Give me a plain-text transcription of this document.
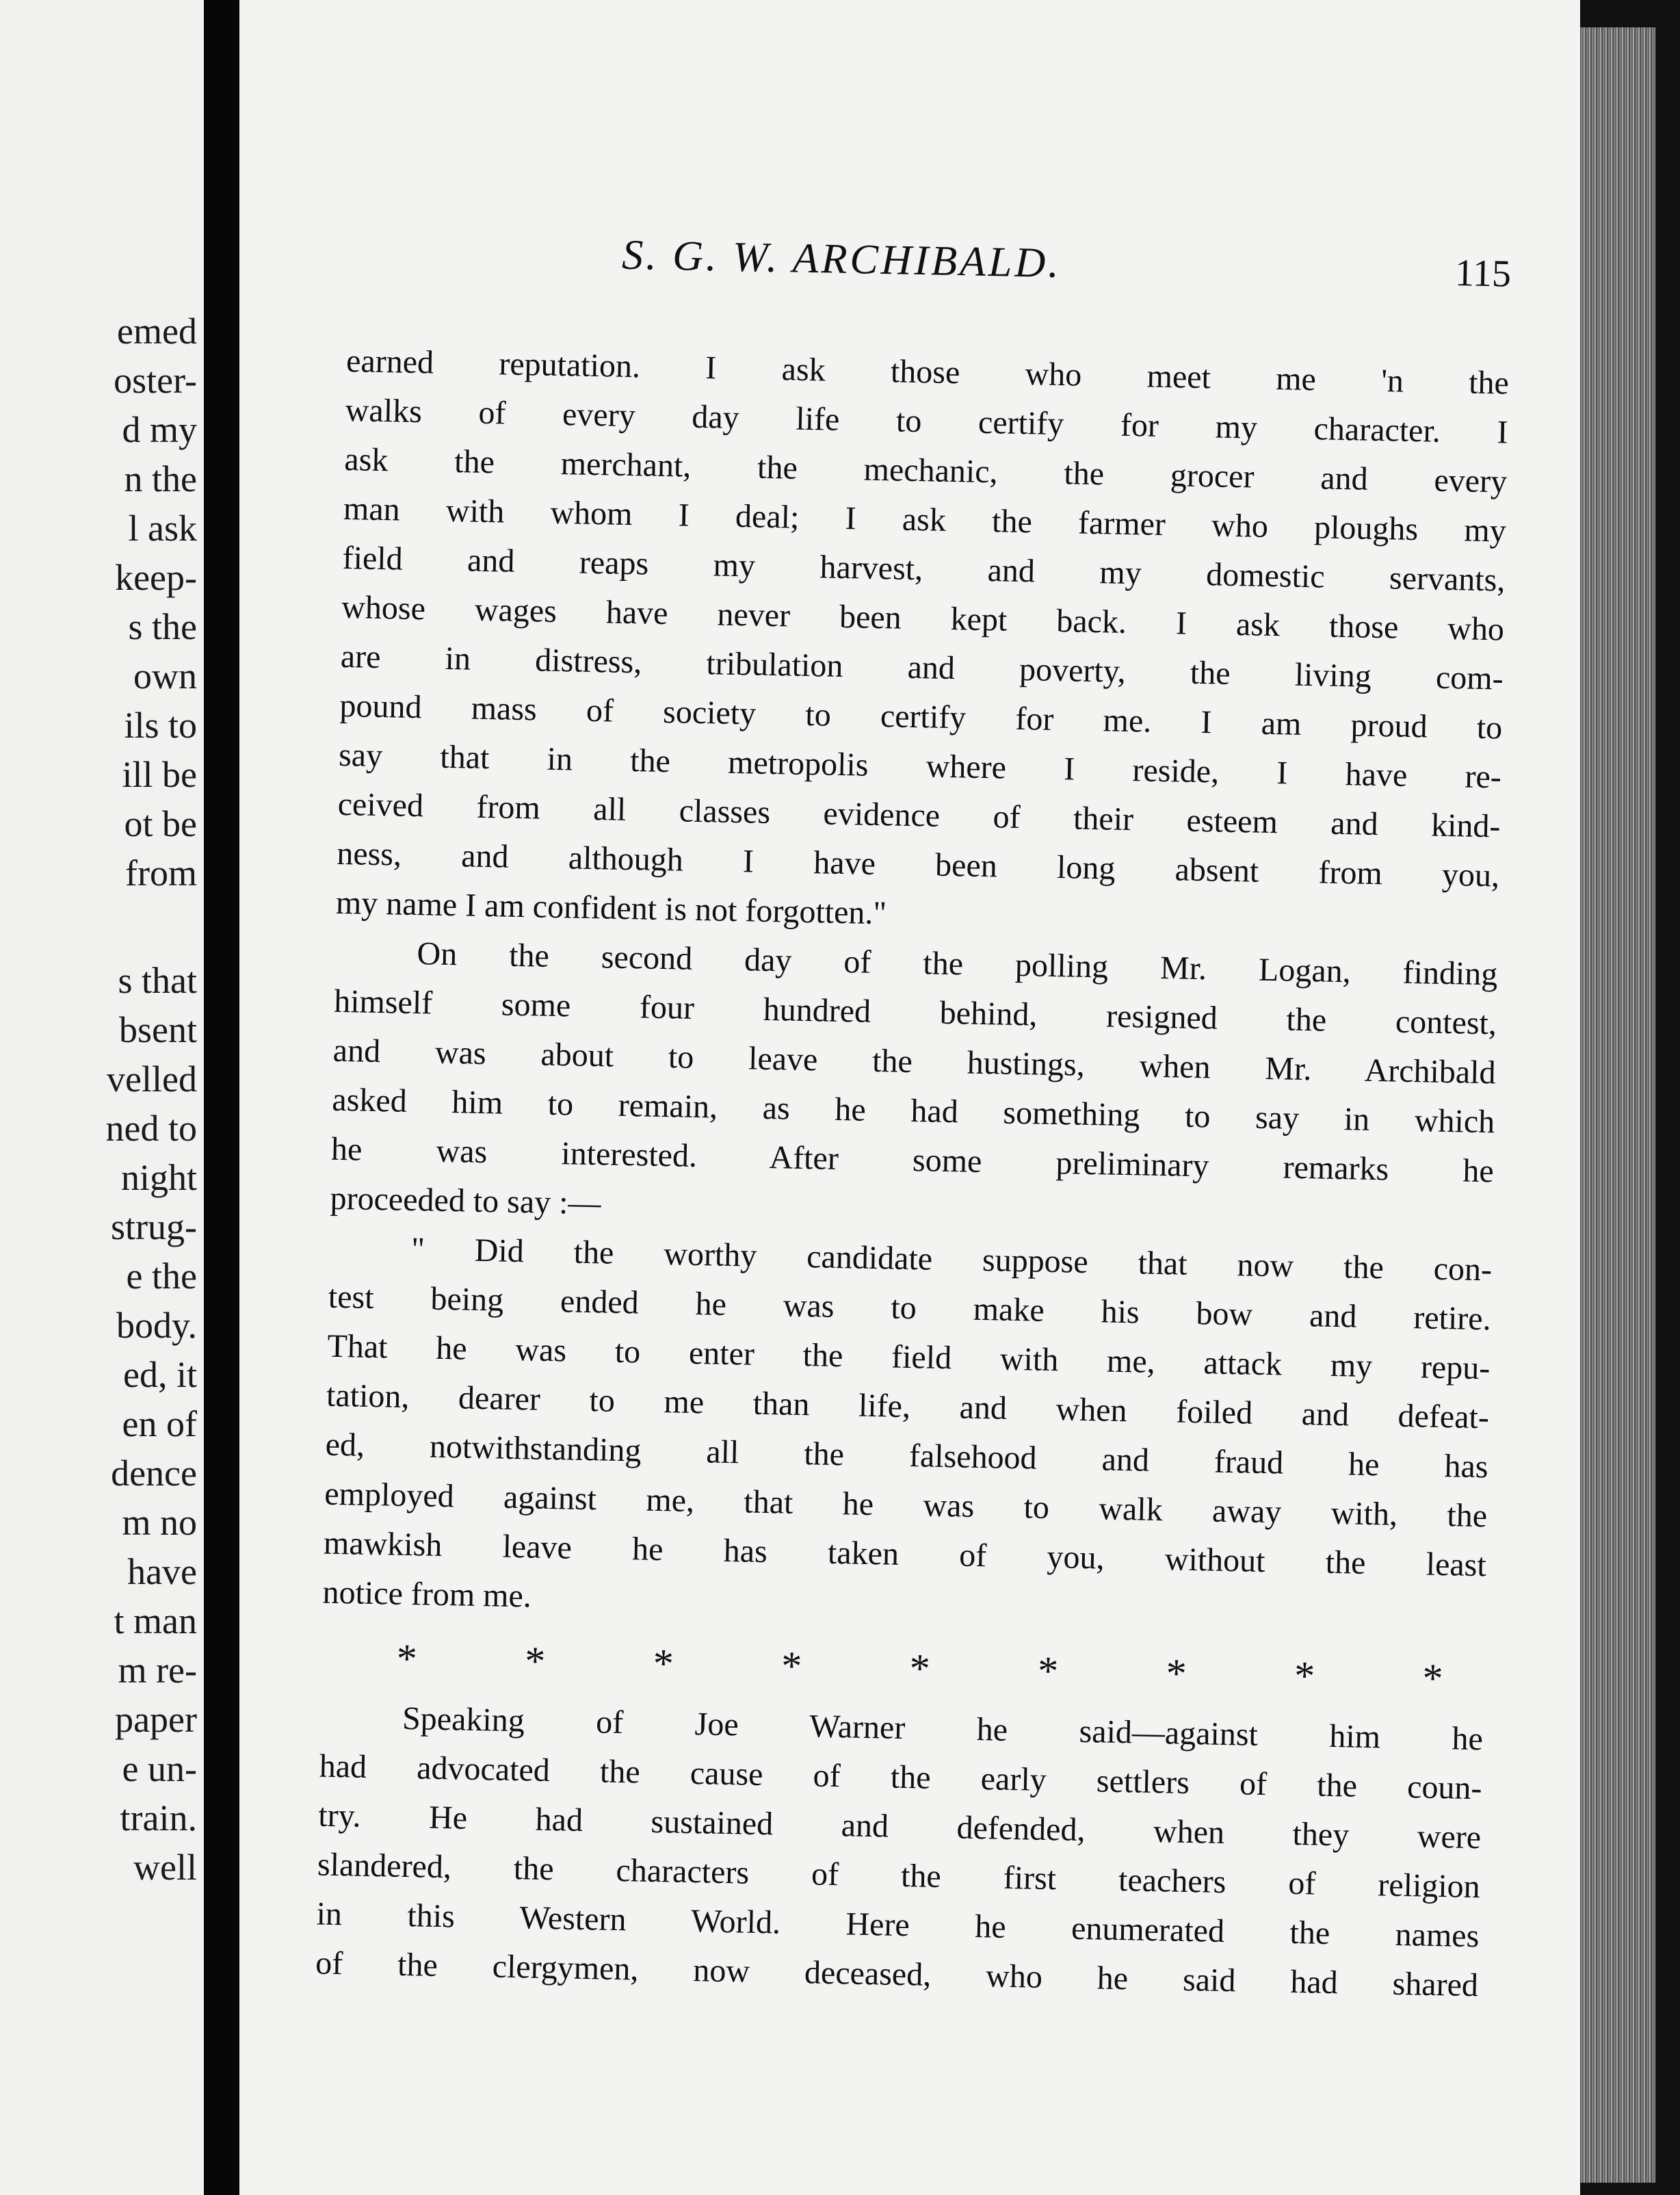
emed
oster-
d my
n the
l ask
keep-
s the
own
ils to
ill be
ot be
from
s that
bsent
velled
ned to
night
strug-
e the
body.
ed, it
en of
dence
m no
have
t man
m re-
paper
e un-
train.
well
S. G. W. ARCHIBALD.	115
earned reputation. I ask those who meet me 'n the
walks of every day life to certify for my character. I
ask the merchant, the mechanic, the grocer and every
man with whom I deal; I ask the farmer who ploughs my
field and reaps my harvest, and my domestic servants,
whose wages have never been kept back. I ask those who
are in distress, tribulation and poverty, the living com-
pound mass of society to certify for me. I am proud to
say that in the metropolis where I reside, I have re-
ceived from all classes evidence of their esteem and kind-
ness, and although I have been long absent from you,
my name I am confident is not forgotten."
On the second day of the polling Mr. Logan, finding
himself some four hundred behind, resigned the contest,
and was about to leave the hustings, when Mr. Archibald
asked him to remain, as he had something to say in which
he was interested. After some preliminary remarks he
proceeded to say :—
" Did the worthy candidate suppose that now the con-
test being ended he was to make his bow and retire.
That he was to enter the field with me, attack my repu-
tation, dearer to me than life, and when foiled and defeat-
ed, notwithstanding all the falsehood and fraud he has
employed against me, that he was to walk away with, the
mawkish leave he has taken of you, without the least
notice from me.
*	*	*	*	*	*	*	*	*
Speaking of Joe Warner he said—against him he
had advocated the cause of the early settlers of the coun-
try. He had sustained and defended, when they were
slandered, the characters of the first teachers of religion
in this Western World. Here he enumerated the names
of the clergymen, now deceased, who he said had shared
